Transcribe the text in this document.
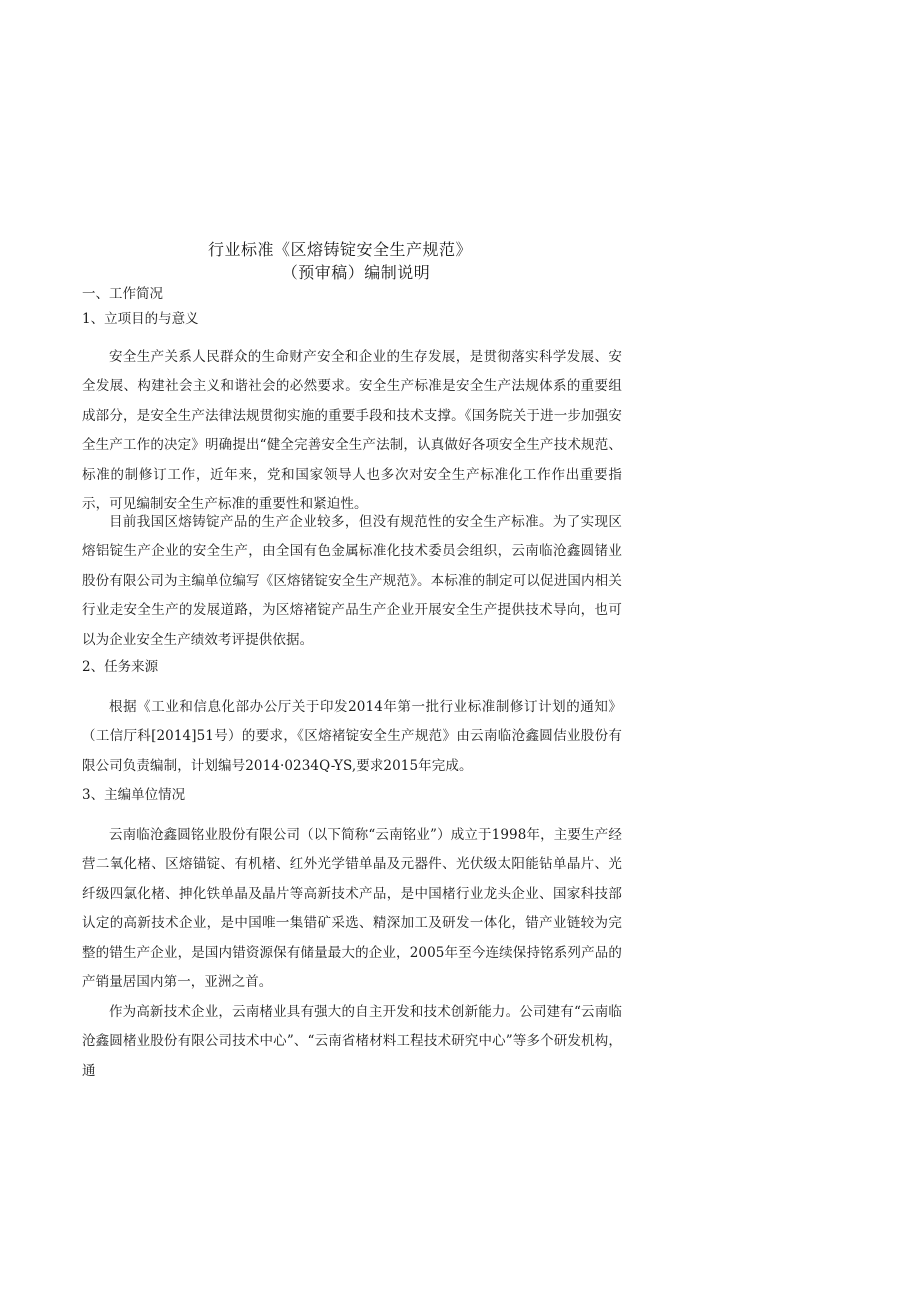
行业标准《区熔铸锭安全生产规范》
（预审稿）编制说明
一、工作简况
1、立项目的与意义
安全生产关系人民群众的生命财产安全和企业的生存发展，是贯彻落实科学发展、安全发展、构建社会主义和谐社会的必然要求。安全生产标准是安全生产法规体系的重要组成部分，是安全生产法律法规贯彻实施的重要手段和技术支撑。《国务院关于进一步加强安全生产工作的决定》明确提出“健全完善安全生产法制，认真做好各项安全生产技术规范、标准的制修订工作，近年来，党和国家领导人也多次对安全生产标准化工作作出重要指示，可见编制安全生产标准的重要性和紧迫性。
目前我国区熔铸锭产品的生产企业较多，但没有规范性的安全生产标准。为了实现区熔铝锭生产企业的安全生产，由全国有色金属标准化技术委员会组织，云南临沧鑫圆锗业股份有限公司为主编单位编写《区熔锗锭安全生产规范》。本标准的制定可以促进国内相关行业走安全生产的发展道路，为区熔褚锭产品生产企业开展安全生产提供技术导向，也可以为企业安全生产绩效考评提供依据。
2、任务来源
根据《工业和信息化部办公厅关于印发2014年第一批行业标准制修订计划的通知》（工信厅科[2014]51号）的要求，《区熔褚锭安全生产规范》由云南临沧鑫圆佶业股份有限公司负责编制，计划编号2014·0234Q-YS,要求2015年完成。
3、主编单位情况
云南临沧鑫圆铭业股份有限公司（以下简称“云南铭业”）成立于1998年，主要生产经营二氧化楮、区熔锚锭、有机楮、红外光学错单晶及元器件、光伏级太阳能钻单晶片、光纤级四氯化楮、抻化铁单晶及晶片等高新技术产品，是中国楮行业龙头企业、国家科技部认定的高新技术企业，是中国唯一集错矿采选、精深加工及研发一体化，错产业链较为完整的错生产企业，是国内错资源保有储量最大的企业，2005年至今连续保持铭系列产品的产销量居国内第一，亚洲之首。
作为高新技术企业，云南楮业具有强大的自主开发和技术创新能力。公司建有“云南临沧鑫圆楮业股份有限公司技术中心”、“云南省楮材料工程技术研究中心”等多个研发机构，通
